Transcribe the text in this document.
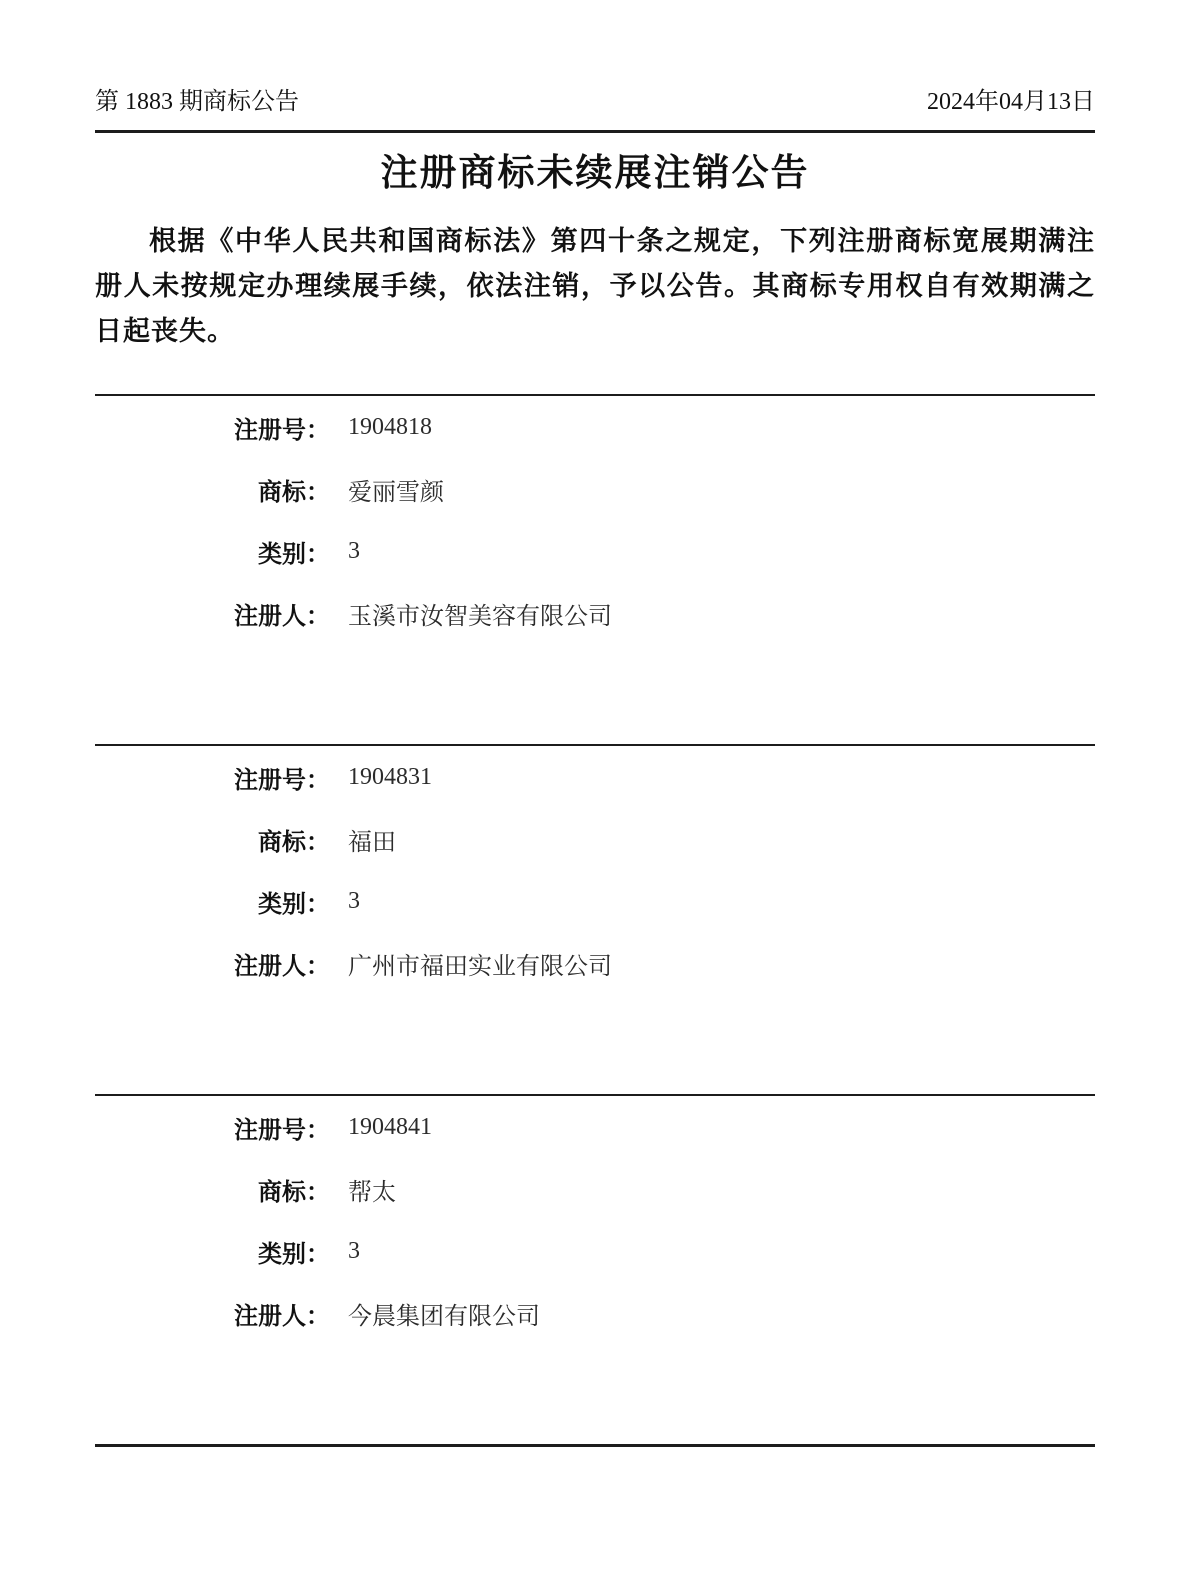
第 1883 期商标公告	2024年04月13日
注册商标未续展注销公告

根据《中华人民共和国商标法》第四十条之规定，下列注册商标宽展期满注册人未按规定办理续展手续，依法注销，予以公告。其商标专用权自有效期满之日起丧失。

注册号： 1904818
商标： 爱丽雪颜
类别： 3
注册人： 玉溪市汝智美容有限公司
注册号： 1904831
商标： 福田
类别： 3
注册人： 广州市福田实业有限公司
注册号： 1904841
商标： 帮太
类别： 3
注册人： 今晨集团有限公司
